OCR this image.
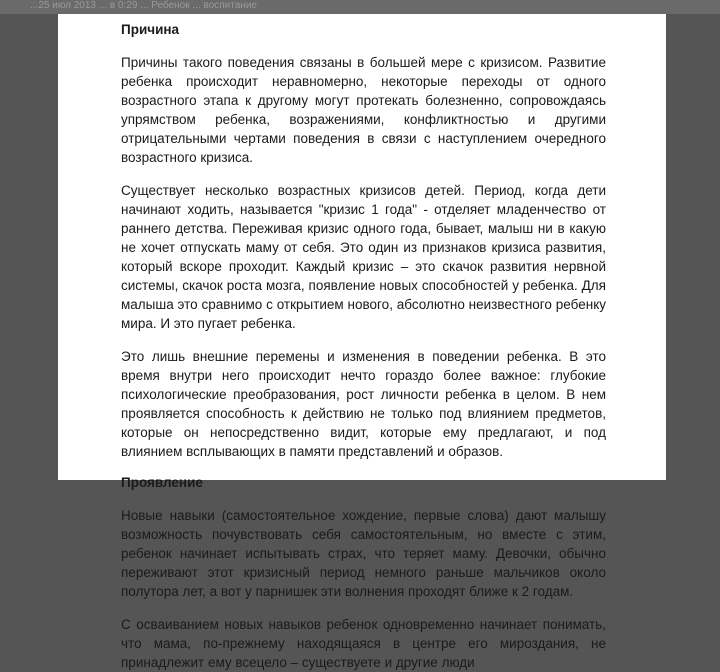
Причина

Причины такого поведения связаны в большей мере с кризисом. Развитие ребенка происходит неравномерно, некоторые переходы от одного возрастного этапа к другому могут протекать болезненно, сопровождаясь упрямством ребенка, возражениями, конфликтностью и другими отрицательными чертами поведения в связи с наступлением очередного возрастного кризиса.

Существует несколько возрастных кризисов детей. Период, когда дети начинают ходить, называется "кризис 1 года" - отделяет младенчество от раннего детства. Переживая кризис одного года, бывает, малыш ни в какую не хочет отпускать маму от себя. Это один из признаков кризиса развития, который вскоре проходит. Каждый кризис – это скачок развития нервной системы, скачок роста мозга, появление новых способностей у ребенка. Для малыша это сравнимо с открытием нового, абсолютно неизвестного ребенку мира. И это пугает ребенка.

Это лишь внешние перемены и изменения в поведении ребенка. В это время внутри него происходит нечто гораздо более важное: глубокие психологические преобразования, рост личности ребенка в целом. В нем проявляется способность к действию не только под влиянием предметов, которые он непосредственно видит, которые ему предлагают, и под влиянием всплывающих в памяти представлений и образов.

Проявление

Новые навыки (самостоятельное хождение, первые слова) дают малышу возможность почувствовать себя самостоятельным, но вместе с этим, ребенок начинает испытывать страх, что теряет маму. Девочки, обычно переживают этот кризисный период немного раньше мальчиков около полутора лет, а вот у парнишек эти волнения проходят ближе к 2 годам.

С осваиванием новых навыков ребенок одновременно начинает понимать, что мама, по-прежнему находящаяся в центре его мироздания, не принадлежит ему всецело – существуете и другие люди

...25 июл 2013 ... в 0:29 ... Ребенок ... воспитание
